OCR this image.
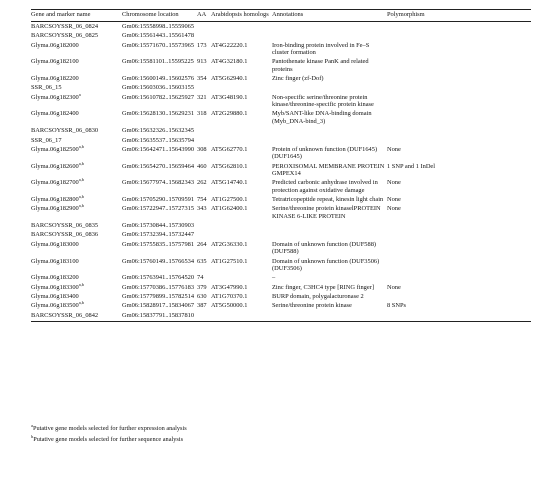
Gene and marker name	Chromosome location	AA	Arabidopsis homologs	Annotations	Polymorphism
BARCSOYSSR_06_0824	Gm06:15558998..15559065				
BARCSOYSSR_06_0825	Gm06:15561443..15561478				
Glyma.06g182000	Gm06:15571670..15573965	173	AT4G22220.1	Iron-binding protein involved in Fe–S cluster formation	
Glyma.06g182100	Gm06:15581101..15595225	913	AT4G32180.1	Pantothenate kinase PanK and related proteins	
Glyma.06g182200	Gm06:15600149..15602576	354	AT5G62940.1	Zinc finger (zf-Dof)	
SSR_06_15	Gm06:15603036..15603155				
Glyma.06g182300$^a$	Gm06:15610782..15625927	321	AT3G48190.1	Non-specific serine/threonine protein kinase/threonine-specific protein kinase	
Glyma.06g182400	Gm06:15628130..15629231	318	AT2G29880.1	Myb/SANT-like DNA-binding domain (Myb_DNA-bind_3)	
BARCSOYSSR_06_0830	Gm06:15632326..15632345				
SSR_06_17	Gm06:15635537..15635794				
Glyma.06g182500$^{a,b}$	Gm06:15642471..15643990	308	AT5G62770.1	Protein of unknown function (DUF1645) (DUF1645)	None
Glyma.06g182600$^{a,b}$	Gm06:15654270..15659464	460	AT5G62810.1	PEROXISOMAL MEMBRANE PROTEIN GMPEX14	1 SNP and 1 InDel
Glyma.06g182700$^{a,b}$	Gm06:15677974..15682343	262	AT5G14740.1	Predicted carbonic anhydrase involved in protection against oxidative damage	None
Glyma.06g182800$^{a,b}$	Gm06:15705290..15709591	754	AT1G27500.1	Tetratricopeptide repeat, kinesin light chain	None
Glyma.06g182900$^{a,b}$	Gm06:15722947..15727315	343	AT1G62400.1	Serine/threonine protein kinaselPROTEIN KINASE 6-LIKE PROTEIN	None
BARCSOYSSR_06_0835	Gm06:15730844..15730903				
BARCSOYSSR_06_0836	Gm06:15732394..15732447				
Glyma.06g183000	Gm06:15755835..15757981	264	AT2G36330.1	Domain of unknown function (DUF588) (DUF588)	
Glyma.06g183100	Gm06:15760149..15766534	635	AT1G27510.1	Domain of unknown function (DUF3506) (DUF3506)	
Glyma.06g183200	Gm06:15763941..15764520	74		–	
Glyma.06g183300$^{a,b}$	Gm06:15770386..15776183	379	AT3G47990.1	Zinc finger, C3HC4 type [RING finger]	None
Glyma.06g183400	Gm06:15779899..15782514	630	AT1G70370.1	BURP domain, polygalacturonase 2	
Glyma.06g183500$^{a,b}$	Gm06:15828917..15834067	387	AT5G50000.1	Serine/threonine protein kinase	8 SNPs
BARCSOYSSR_06_0842	Gm06:15837791..15837810				
$^a$Putative gene models selected for further expression analysis
$^b$Putative gene models selected for further sequence analysis
